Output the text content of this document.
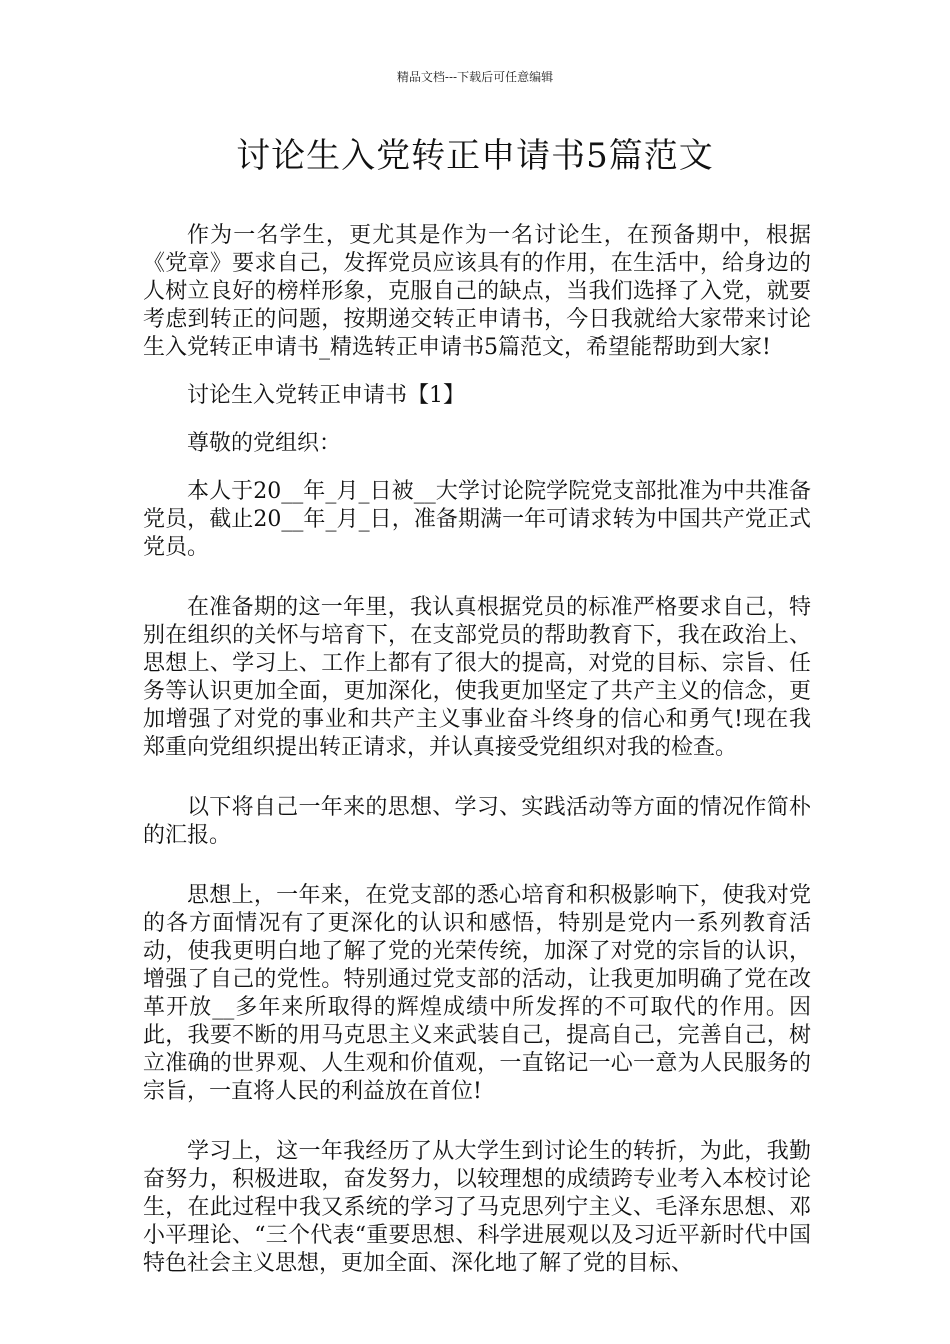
精品文档---下载后可任意编辑
讨论生入党转正申请书5篇范文

作为一名学生，更尤其是作为一名讨论生，在预备期中，根据《党章》要求自己，发挥党员应该具有的作用，在生活中，给身边的人树立良好的榜样形象，克服自己的缺点，当我们选择了入党，就要考虑到转正的问题，按期递交转正申请书，今日我就给大家带来讨论生入党转正申请书_精选转正申请书5篇范文，希望能帮助到大家!

讨论生入党转正申请书【1】

尊敬的党组织：

本人于20__年_月_日被__大学讨论院学院党支部批准为中共准备党员，截止20__年_月_日，准备期满一年可请求转为中国共产党正式党员。

在准备期的这一年里，我认真根据党员的标准严格要求自己，特别在组织的关怀与培育下，在支部党员的帮助教育下，我在政治上、思想上、学习上、工作上都有了很大的提高，对党的目标、宗旨、任务等认识更加全面，更加深化，使我更加坚定了共产主义的信念，更加增强了对党的事业和共产主义事业奋斗终身的信心和勇气!现在我郑重向党组织提出转正请求，并认真接受党组织对我的检查。

以下将自己一年来的思想、学习、实践活动等方面的情况作简朴的汇报。

思想上，一年来，在党支部的悉心培育和积极影响下，使我对党的各方面情况有了更深化的认识和感悟，特别是党内一系列教育活动，使我更明白地了解了党的光荣传统，加深了对党的宗旨的认识，增强了自己的党性。特别通过党支部的活动，让我更加明确了党在改革开放__多年来所取得的辉煌成绩中所发挥的不可取代的作用。因此，我要不断的用马克思主义来武装自己，提高自己，完善自己，树立准确的世界观、人生观和价值观，一直铭记一心一意为人民服务的宗旨，一直将人民的利益放在首位!

学习上，这一年我经历了从大学生到讨论生的转折，为此，我勤奋努力，积极进取，奋发努力，以较理想的成绩跨专业考入本校讨论生，在此过程中我又系统的学习了马克思列宁主义、毛泽东思想、邓小平理论、“三个代表“重要思想、科学进展观以及习近平新时代中国特色社会主义思想，更加全面、深化地了解了党的目标、
